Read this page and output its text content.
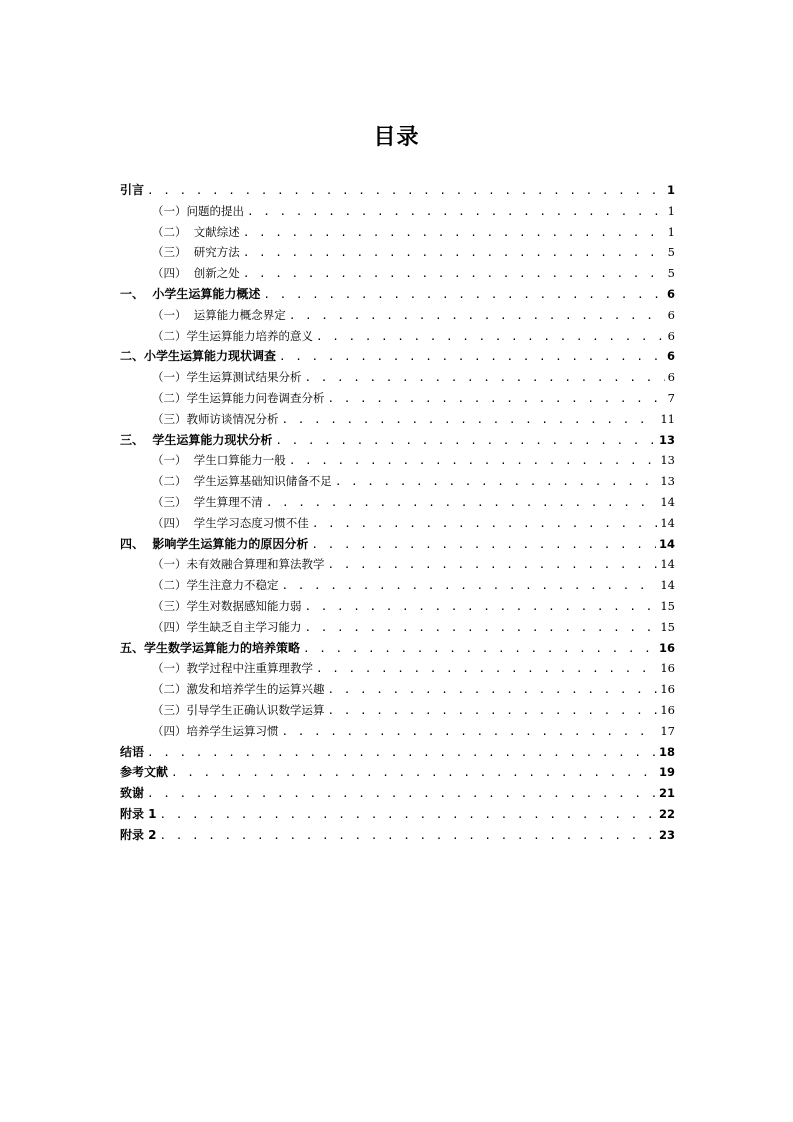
目录
引言 . . .	1
（一）问题的提出 . . .	1
（二）  文献综述 . . .	1
（三）  研究方法 . . .	5
（四）  创新之处 . . .	5
一、  小学生运算能力概述 . . .	6
（一）  运算能力概念界定 . . .	6
（二）学生运算能力培养的意义 . . .	6
二、小学生运算能力现状调查 . . .	6
（一）学生运算测试结果分析 . . .	6
（二）学生运算能力问卷调查分析 . . .	7
（三）教师访谈情况分析 . . .	11
三、  学生运算能力现状分析 . . .	13
（一）  学生口算能力一般 . . .	13
（二）  学生运算基础知识储备不足 . . .	13
（三）  学生算理不清 . . .	14
（四）  学生学习态度习惯不佳 . . .	14
四、  影响学生运算能力的原因分析 . . .	14
（一）未有效融合算理和算法教学 . . .	14
（二）学生注意力不稳定 . . .	14
（三）学生对数据感知能力弱 . . .	15
（四）学生缺乏自主学习能力 . . .	15
五、学生数学运算能力的培养策略 . . .	16
（一）教学过程中注重算理教学 . . .	16
（二）激发和培养学生的运算兴趣 . . .	16
（三）引导学生正确认识数学运算 . . .	16
（四）培养学生运算习惯 . . .	17
结语 . . .	18
参考文献 . . .	19
致谢 . . .	21
附录 1 . . .	22
附录 2 . . .	23
